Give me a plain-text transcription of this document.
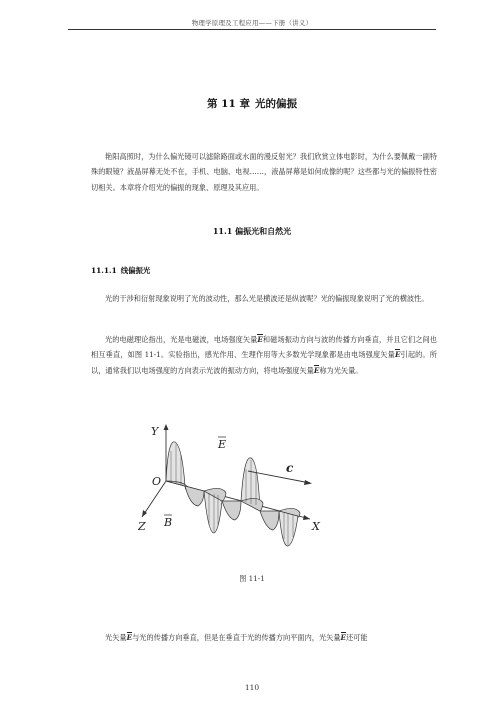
物理学原理及工程应用——下册（讲义）
第 11 章 光的偏振

艳阳高照时，为什么偏光镜可以滤除路面或水面的漫反射光？我们欣赏立体电影时，为什么要佩戴一副特殊的眼镜？液晶屏幕无处不在，手机、电脑、电视……，液晶屏幕是如何成像的呢？这些都与光的偏振特性密切相关。本章将介绍光的偏振的现象、原理及其应用。

11.1 偏振光和自然光
11.1.1 线偏振光

光的干涉和衍射现象说明了光的波动性，那么光是横波还是纵波呢？光的偏振现象说明了光的横波性。

光的电磁理论指出，光是电磁波，电场强度矢量E和磁场振动方向与波的传播方向垂直，并且它们之间也相互垂直，如图 11-1。实验指出，感光作用、生理作用等大多数光学现象都是由电场强度矢量E引起的。所以，通常我们以电场强度的方向表示光波的振动方向，将电场强度矢量E称为光矢量。

Y
O
Z	X
E
B
c
图 11-1

光矢量E与光的传播方向垂直，但是在垂直于光的传播方向平面内，光矢量E还可能

110
